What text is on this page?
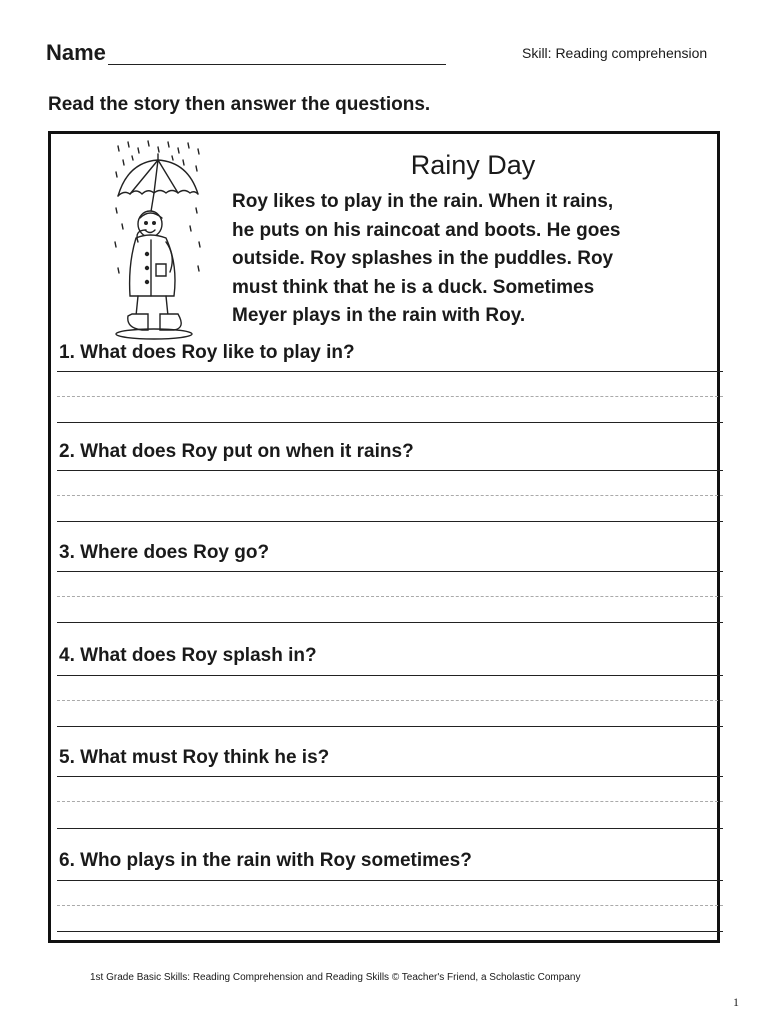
Name	Skill: Reading comprehension
Read the story then answer the questions.
Rainy Day
Roy likes to play in the rain. When it rains,
he puts on his raincoat and boots. He goes
outside. Roy splashes in the puddles. Roy
must think that he is a duck. Sometimes
Meyer plays in the rain with Roy.
1. What does Roy like to play in?
2. What does Roy put on when it rains?
3. Where does Roy go?
4. What does Roy splash in?
5. What must Roy think he is?
6. Who plays in the rain with Roy sometimes?
1st Grade Basic Skills: Reading Comprehension and Reading Skills © Teacher's Friend, a Scholastic Company
1
